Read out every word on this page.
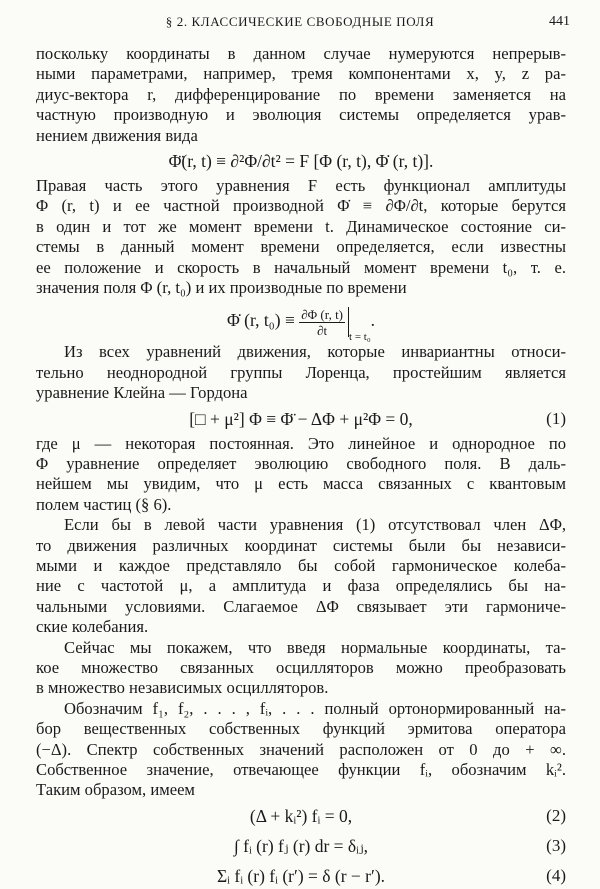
§ 2. КЛАССИЧЕСКИЕ СВОБОДНЫЕ ПОЛЯ	441
поскольку координаты в данном случае нумеруются непрерыв-
ными параметрами, например, тремя компонентами x, y, z ра-
диус-вектора r, дифференцирование по времени заменяется на
частную производную и эволюция системы определяется урав-
нением движения вида
Φ̈(r, t) ≡ ∂²Φ/∂t² = F [Φ (r, t), Φ̇ (r, t)].
Правая часть этого уравнения F есть функционал амплитуды
Φ (r, t) и ее частной производной Φ̇ ≡ ∂Φ/∂t, которые берутся
в один и тот же момент времени t. Динамическое состояние си-
стемы в данный момент времени определяется, если известны
ее положение и скорость в начальный момент времени t₀, т. е.
значения поля Φ (r, t₀) и их производные по времени
Φ̇ (r, $t_0) \equiv \frac{\partial\Phi (r, t)}{\partial t} _{t = t_0}$.
Из всех уравнений движения, которые инвариантны относи-
тельно неоднородной группы Лоренца, простейшим является
уравнение Клейна — Гордона
[□ + μ²] Φ ≡ Φ̈ − ΔΦ + μ²Φ = 0,	(1)
где μ — некоторая постоянная. Это линейное и однородное по
Φ уравнение определяет эволюцию свободного поля. В даль-
нейшем мы увидим, что μ есть масса связанных с квантовым
полем частиц (§ 6).
Если бы в левой части уравнения (1) отсутствовал член ΔΦ,
то движения различных координат системы были бы независи-
мыми и каждое представляло бы собой гармоническое колеба-
ние с частотой μ, а амплитуда и фаза определялись бы на-
чальными условиями. Слагаемое ΔΦ связывает эти гармониче-
ские колебания.
Сейчас мы покажем, что введя нормальные координаты, та-
кое множество связанных осцилляторов можно преобразовать
в множество независимых осцилляторов.
Обозначим f₁, f₂, . . . , fᵢ, . . . полный ортонормированный на-
бор вещественных собственных функций эрмитова оператора
(−Δ). Спектр собственных значений расположен от 0 до + ∞.
Собственное значение, отвечающее функции fᵢ, обозначим kᵢ².
Таким образом, имеем
(Δ + kᵢ²) fᵢ = 0,	(2)
∫ fᵢ (r) fⱼ (r) dr = δᵢⱼ,	(3)
Σᵢ fᵢ (r) fᵢ (r′) = δ (r − r′).	(4)
